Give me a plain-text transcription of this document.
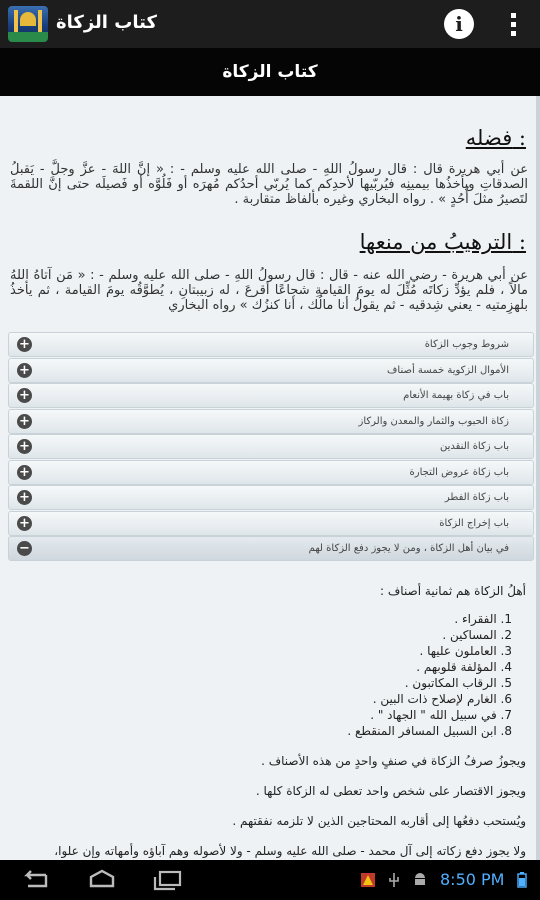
كتاب الزكاة	i
كتاب الزكاة
فضله :
عن أبي هريرة قال : قال رسولُ اللهِ - صلى الله عليه وسلم - : « إنَّ اللهَ - عزَّ وجلَّ - يَقبلُ الصدقاتِ ويأخذُها بيمينِه فيُربّيها لأحدِكم كما يُربّي أحدُكم مُهرَه أو فَلُوَّه أو فَصيلَه حتى إنَّ اللقمةَ لتَصيرُ مثلَ أُحُدٍ » . رواه البخاري وغيره بألفاظ متقاربة .
الترهيبُ من منعها :
عن أبي هريرة - رضي الله عنه - قال : قال رسولُ اللهِ - صلى الله عليه وسلم - : « مَن آتاهُ اللهُ مالاً ، فلم يؤدِّ زكاتَه مُثِّلَ له يومَ القيامةِ شجاعًا أقرعَ ، له زبيبتانِ ، يُطوَّقُه يومَ القيامة ، ثم يأخذُ بلهزِمتيه - يعني شِدقيه - ثم يقولُ أنا مالُك ، أنا كنزُك » رواه البخاري
+	شروط وجوب الزكاة
+	الأموال الزكوية خمسة أصناف
+	باب في زكاة بهيمة الأنعام
+	زكاة الحبوب والثمار والمعدن والركاز
+	باب زكاة النقدين
+	باب زكاة عروض التجارة
+	باب زكاة الفطر
+	باب إخراج الزكاة
−	في بيان أهل الزكاة ، ومن لا يجوز دفع الزكاة لهم
أهلُ الزكاة هم ثمانية أصناف :
1. الفقراء .
2. المساكين .
3. العاملون عليها .
4. المؤلفة قلوبهم .
5. الرقاب المكاتبون .
6. الغارم لإصلاح ذات البين .
7. في سبيل الله " الجهاد " .
8. ابن السبيل المسافر المنقطع .
ويجوزُ صرفُ الزكاة في صنفٍ واحدٍ من هذه الأصناف .
ويجوز الاقتصار على شخص واحد تعطى له الزكاة كلها .
ويُستحب دفعُها إلى أقاربه المحتاجين الذين لا تلزمه نفقتهم .
ولا يجوز دفع زكاته إلى آل محمد - صلى الله عليه وسلم - ولا لأصوله وهم آباؤه وأمهاته وإن علوا،
8:50 PM
